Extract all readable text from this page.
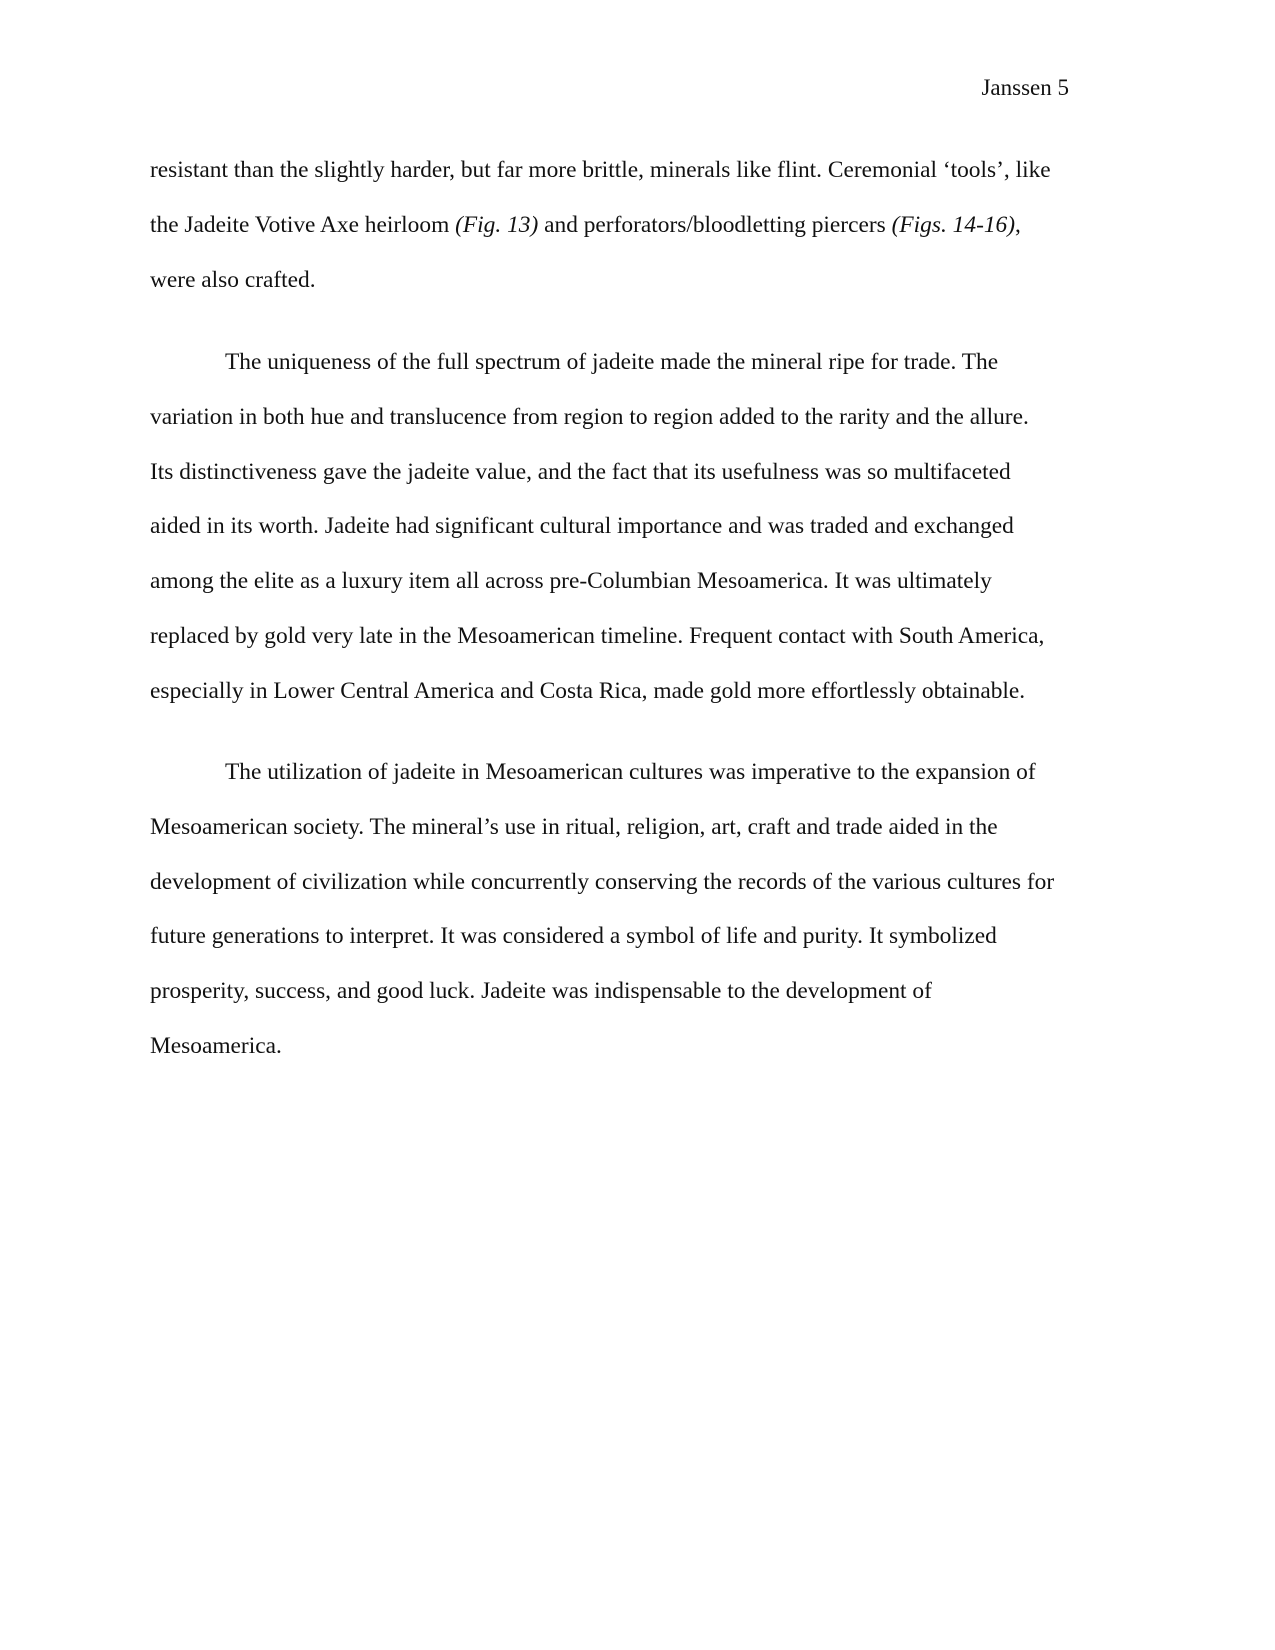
Janssen 5
resistant than the slightly harder, but far more brittle, minerals like flint. Ceremonial ‘tools’, like
the Jadeite Votive Axe heirloom (Fig. 13) and perforators/bloodletting piercers (Figs. 14-16),
were also crafted.
The uniqueness of the full spectrum of jadeite made the mineral ripe for trade. The
variation in both hue and translucence from region to region added to the rarity and the allure.
Its distinctiveness gave the jadeite value, and the fact that its usefulness was so multifaceted
aided in its worth. Jadeite had significant cultural importance and was traded and exchanged
among the elite as a luxury item all across pre-Columbian Mesoamerica. It was ultimately
replaced by gold very late in the Mesoamerican timeline. Frequent contact with South America,
especially in Lower Central America and Costa Rica, made gold more effortlessly obtainable.
The utilization of jadeite in Mesoamerican cultures was imperative to the expansion of
Mesoamerican society. The mineral’s use in ritual, religion, art, craft and trade aided in the
development of civilization while concurrently conserving the records of the various cultures for
future generations to interpret. It was considered a symbol of life and purity. It symbolized
prosperity, success, and good luck. Jadeite was indispensable to the development of
Mesoamerica.
